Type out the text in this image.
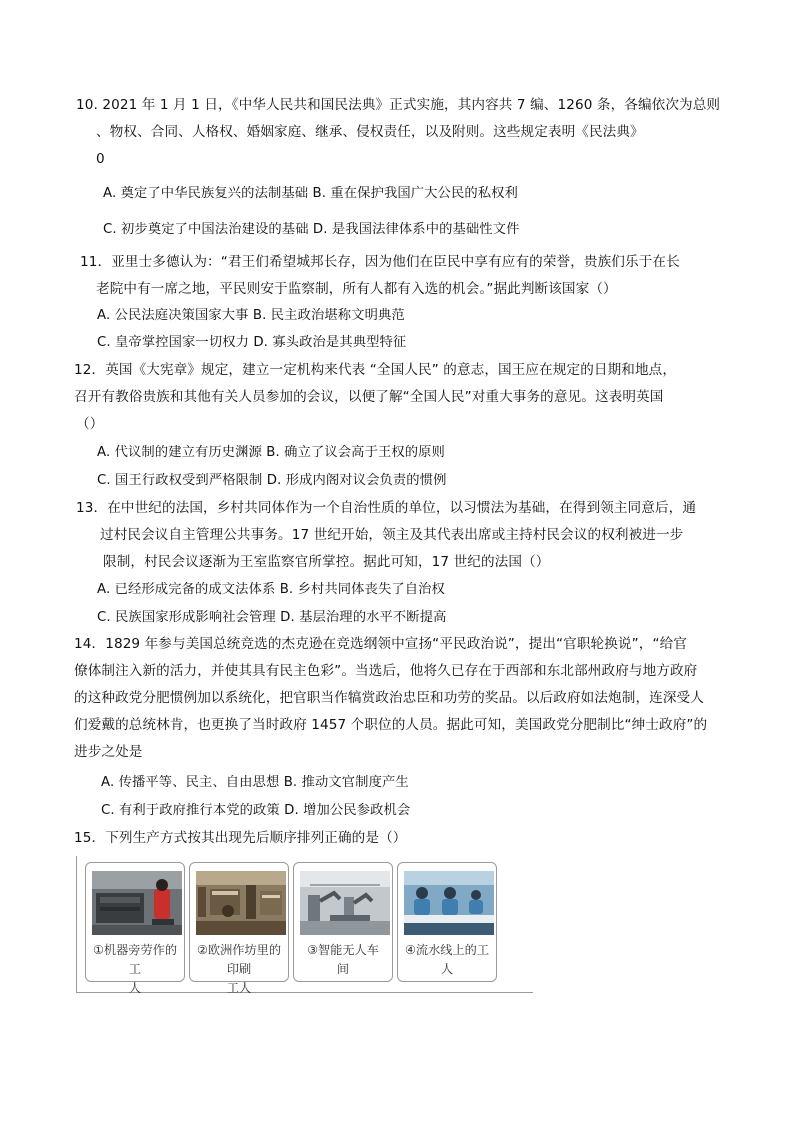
10. 2021 年 1 月 1 日，《中华人民共和国民法典》正式实施，其内容共 7 编、1260 条，各编依次为总则
、物权、合同、人格权、婚姻家庭、继承、侵权责任，以及附则。这些规定表明《民法典》
0
A. 奠定了中华民族复兴的法制基础 B. 重在保护我国广大公民的私权利
C. 初步奠定了中国法治建设的基础 D. 是我国法律体系中的基础性文件
11．亚里士多德认为：“君王们希望城邦长存，因为他们在臣民中享有应有的荣誉，贵族们乐于在长
老院中有一席之地，平民则安于监察制，所有人都有入选的机会。”据此判断该国家（）
A. 公民法庭决策国家大事 B. 民主政治堪称文明典范
C. 皇帝掌控国家一切权力 D. 寡头政治是其典型特征
12．英国《大宪章》规定，建立一定机构来代表 “全国人民” 的意志，国王应在规定的日期和地点，
召开有教俗贵族和其他有关人员参加的会议，以便了解“全国人民”对重大事务的意见。这表明英国
（）
A. 代议制的建立有历史渊源 B. 确立了议会高于王权的原则
C. 国王行政权受到严格限制 D. 形成内阁对议会负责的惯例
13．在中世纪的法国，乡村共同体作为一个自治性质的单位，以习惯法为基础，在得到领主同意后，通
过村民会议自主管理公共事务。17 世纪开始，领主及其代表出席或主持村民会议的权利被进一步
限制，村民会议逐渐为王室监察官所掌控。据此可知，17 世纪的法国（）
A. 已经形成完备的成文法体系 B. 乡村共同体丧失了自治权
C. 民族国家形成影响社会管理 D. 基层治理的水平不断提高
14．1829 年参与美国总统竞选的杰克逊在竞选纲领中宣扬“平民政治说”，提出“官职轮换说”，“给官
僚体制注入新的活力，并使其具有民主色彩”。当选后，他将久已存在于西部和东北部州政府与地方政府
的这种政党分肥惯例加以系统化，把官职当作犒赏政治忠臣和功劳的奖品。以后政府如法炮制，连深受人
们爱戴的总统林肯，也更换了当时政府 1457 个职位的人员。据此可知，美国政党分肥制比“绅士政府”的
进步之处是
A. 传播平等、民主、自由思想 B. 推动文官制度产生
C. 有利于政府推行本党的政策 D. 增加公民参政机会
15．下列生产方式按其出现先后顺序排列正确的是（）
①机器旁劳作的工
人
②欧洲作坊里的印刷
工人
③智能无人车
间
④流水线上的工
人
